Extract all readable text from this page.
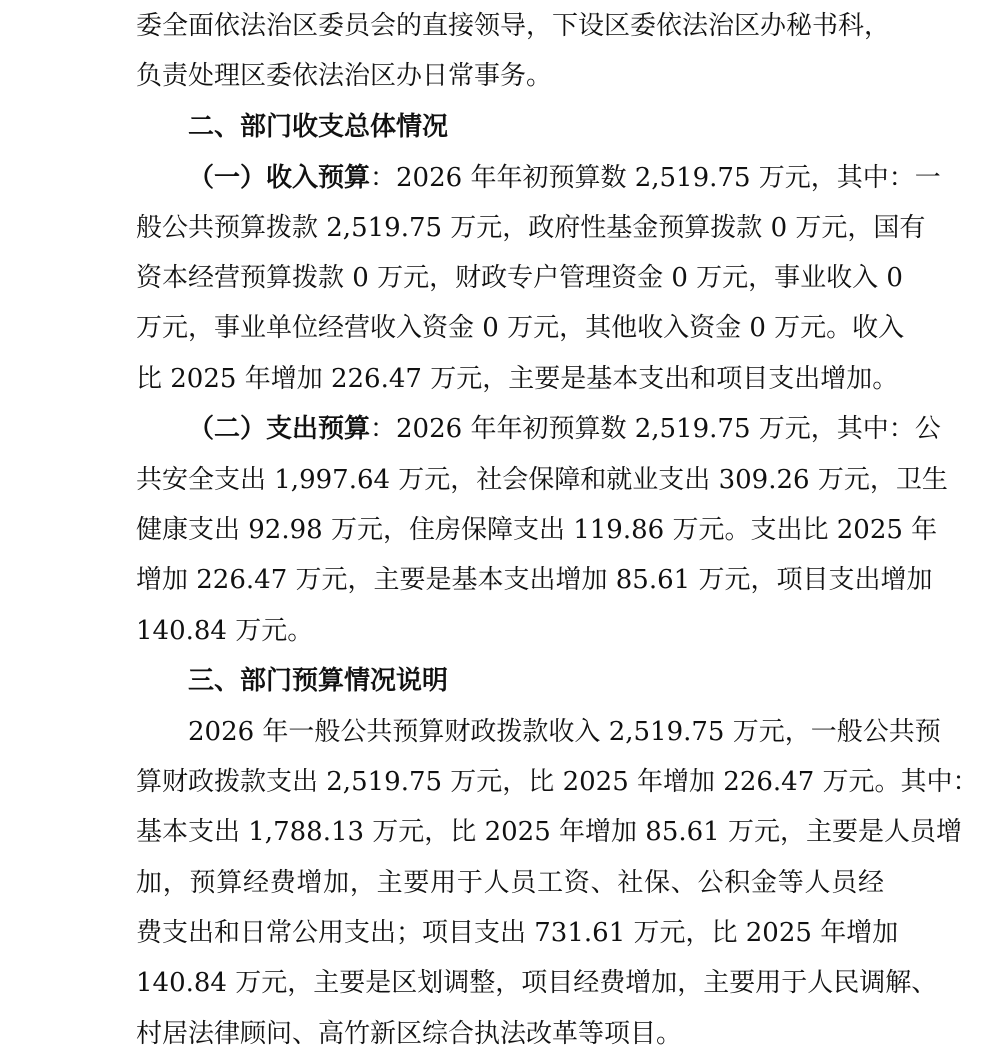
委全面依法治区委员会的直接领导，下设区委依法治区办秘书科，
负责处理区委依法治区办日常事务。
二、部门收支总体情况
（一）收入预算：2026 年年初预算数 2,519.75 万元，其中：一
般公共预算拨款 2,519.75 万元，政府性基金预算拨款 0 万元，国有
资本经营预算拨款 0 万元，财政专户管理资金 0 万元，事业收入 0
万元，事业单位经营收入资金 0 万元，其他收入资金 0 万元。收入
比 2025 年增加 226.47 万元，主要是基本支出和项目支出增加。
（二）支出预算：2026 年年初预算数 2,519.75 万元，其中：公
共安全支出 1,997.64 万元，社会保障和就业支出 309.26 万元，卫生
健康支出 92.98 万元，住房保障支出 119.86 万元。支出比 2025 年
增加 226.47 万元，主要是基本支出增加 85.61 万元，项目支出增加
140.84 万元。
三、部门预算情况说明
2026 年一般公共预算财政拨款收入 2,519.75 万元，一般公共预
算财政拨款支出 2,519.75 万元，比 2025 年增加 226.47 万元。其中：
基本支出 1,788.13 万元，比 2025 年增加 85.61 万元，主要是人员增
加，预算经费增加，主要用于人员工资、社保、公积金等人员经
费支出和日常公用支出；项目支出 731.61 万元，比 2025 年增加
140.84 万元，主要是区划调整，项目经费增加，主要用于人民调解、
村居法律顾问、高竹新区综合执法改革等项目。
